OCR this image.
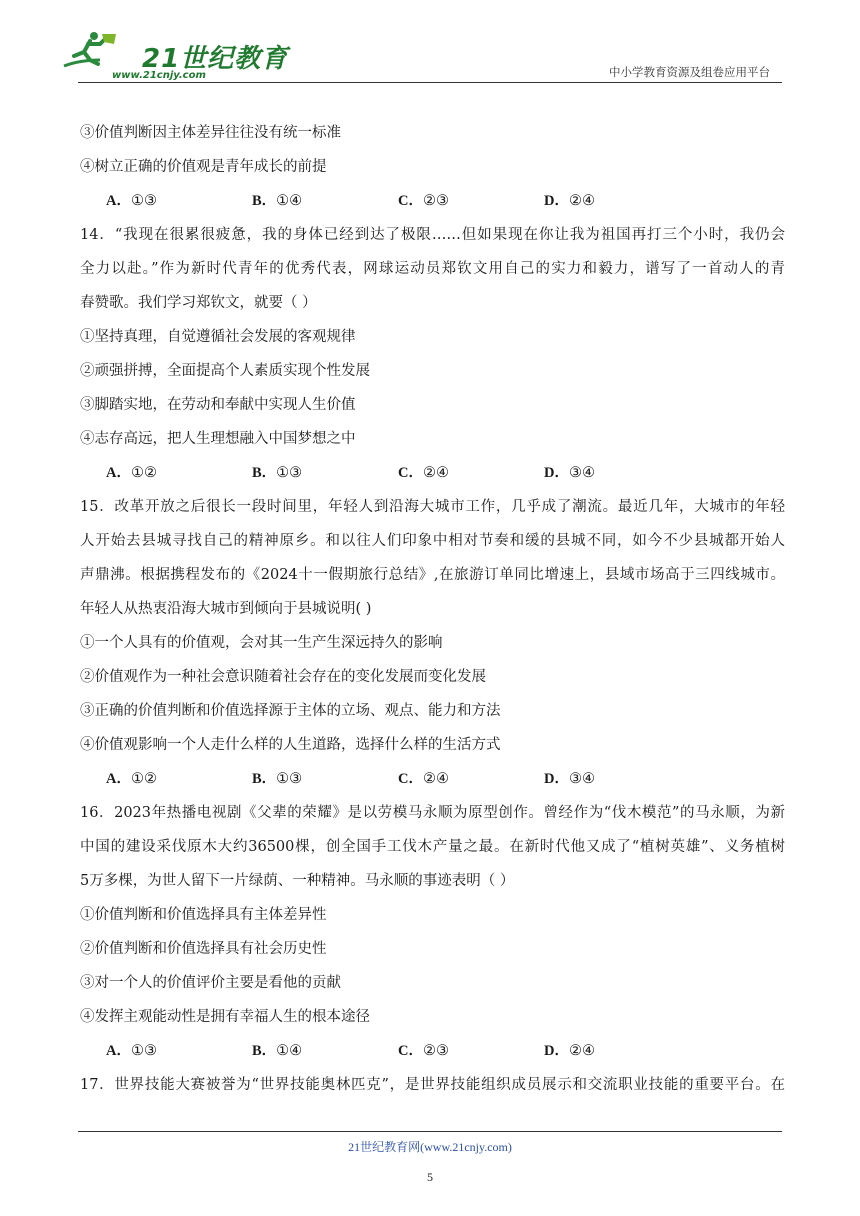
21世纪教育
www.21cnjy.com	中小学教育资源及组卷应用平台
③价值判断因主体差异往往没有统一标准
④树立正确的价值观是青年成长的前提
A．①③	B．①④	C．②③	D．②④
14．“我现在很累很疲惫，我的身体已经到达了极限……但如果现在你让我为祖国再打三个小时，我仍会
全力以赴。”作为新时代青年的优秀代表，网球运动员郑钦文用自己的实力和毅力，谱写了一首动人的青
春赞歌。我们学习郑钦文，就要（ ）
①坚持真理，自觉遵循社会发展的客观规律
②顽强拼搏，全面提高个人素质实现个性发展
③脚踏实地，在劳动和奉献中实现人生价值
④志存高远，把人生理想融入中国梦想之中
A．①②	B．①③	C．②④	D．③④
15．改革开放之后很长一段时间里，年轻人到沿海大城市工作，几乎成了潮流。最近几年，大城市的年轻
人开始去县城寻找自己的精神原乡。和以往人们印象中相对节奏和缓的县城不同，如今不少县城都开始人
声鼎沸。根据携程发布的《2024十一假期旅行总结》,在旅游订单同比增速上，县域市场高于三四线城市。
年轻人从热衷沿海大城市到倾向于县城说明( )
①一个人具有的价值观，会对其一生产生深远持久的影响
②价值观作为一种社会意识随着社会存在的变化发展而变化发展
③正确的价值判断和价值选择源于主体的立场、观点、能力和方法
④价值观影响一个人走什么样的人生道路，选择什么样的生活方式
A．①②	B．①③	C．②④	D．③④
16．2023年热播电视剧《父辈的荣耀》是以劳模马永顺为原型创作。曾经作为“伐木模范”的马永顺，为新
中国的建设采伐原木大约36500棵，创全国手工伐木产量之最。在新时代他又成了“植树英雄”、义务植树
5万多棵，为世人留下一片绿荫、一种精神。马永顺的事迹表明（ ）
①价值判断和价值选择具有主体差异性
②价值判断和价值选择具有社会历史性
③对一个人的价值评价主要是看他的贡献
④发挥主观能动性是拥有幸福人生的根本途径
A．①③	B．①④	C．②③	D．②④
17．世界技能大赛被誉为“世界技能奥林匹克”，是世界技能组织成员展示和交流职业技能的重要平台。在
21世纪教育网(www.21cnjy.com)
5
